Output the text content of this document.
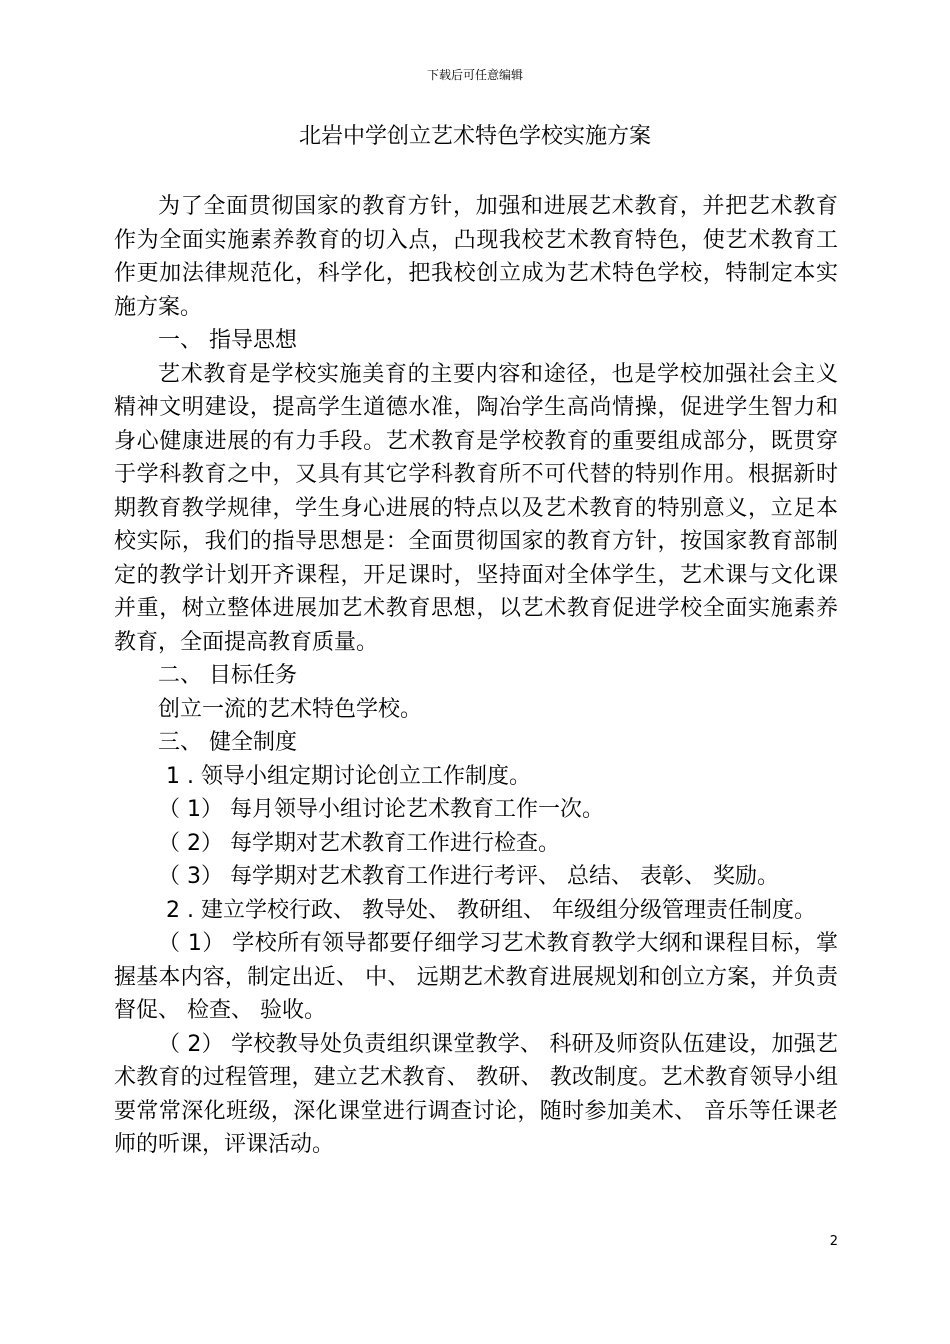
下载后可任意编辑
北岩中学创立艺术特色学校实施方案

为了全面贯彻国家的教育方针，加强和进展艺术教育，并把艺术教育作为全面实施素养教育的切入点，凸现我校艺术教育特色，使艺术教育工作更加法律规范化，科学化，把我校创立成为艺术特色学校，特制定本实施方案。

一、 指导思想

艺术教育是学校实施美育的主要内容和途径，也是学校加强社会主义精神文明建设，提高学生道德水准，陶冶学生高尚情操，促进学生智力和身心健康进展的有力手段。艺术教育是学校教育的重要组成部分，既贯穿于学科教育之中，又具有其它学科教育所不可代替的特别作用。根据新时期教育教学规律，学生身心进展的特点以及艺术教育的特别意义，立足本校实际，我们的指导思想是：全面贯彻国家的教育方针，按国家教育部制定的教学计划开齐课程，开足课时，坚持面对全体学生，艺术课与文化课并重，树立整体进展加艺术教育思想，以艺术教育促进学校全面实施素养教育，全面提高教育质量。

二、 目标任务

创立一流的艺术特色学校。

三、 健全制度

1 . 领导小组定期讨论创立工作制度。

（ 1） 每月领导小组讨论艺术教育工作一次。

（ 2） 每学期对艺术教育工作进行检查。

（ 3） 每学期对艺术教育工作进行考评、 总结、 表彰、 奖励。

2 . 建立学校行政、 教导处、 教研组、 年级组分级管理责任制度。

（ 1） 学校所有领导都要仔细学习艺术教育教学大纲和课程目标，掌握基本内容，制定出近、 中、 远期艺术教育进展规划和创立方案，并负责督促、 检查、 验收。

（ 2） 学校教导处负责组织课堂教学、 科研及师资队伍建设，加强艺术教育的过程管理，建立艺术教育、 教研、 教改制度。艺术教育领导小组要常常深化班级，深化课堂进行调查讨论，随时参加美术、 音乐等任课老师的听课，评课活动。

2
